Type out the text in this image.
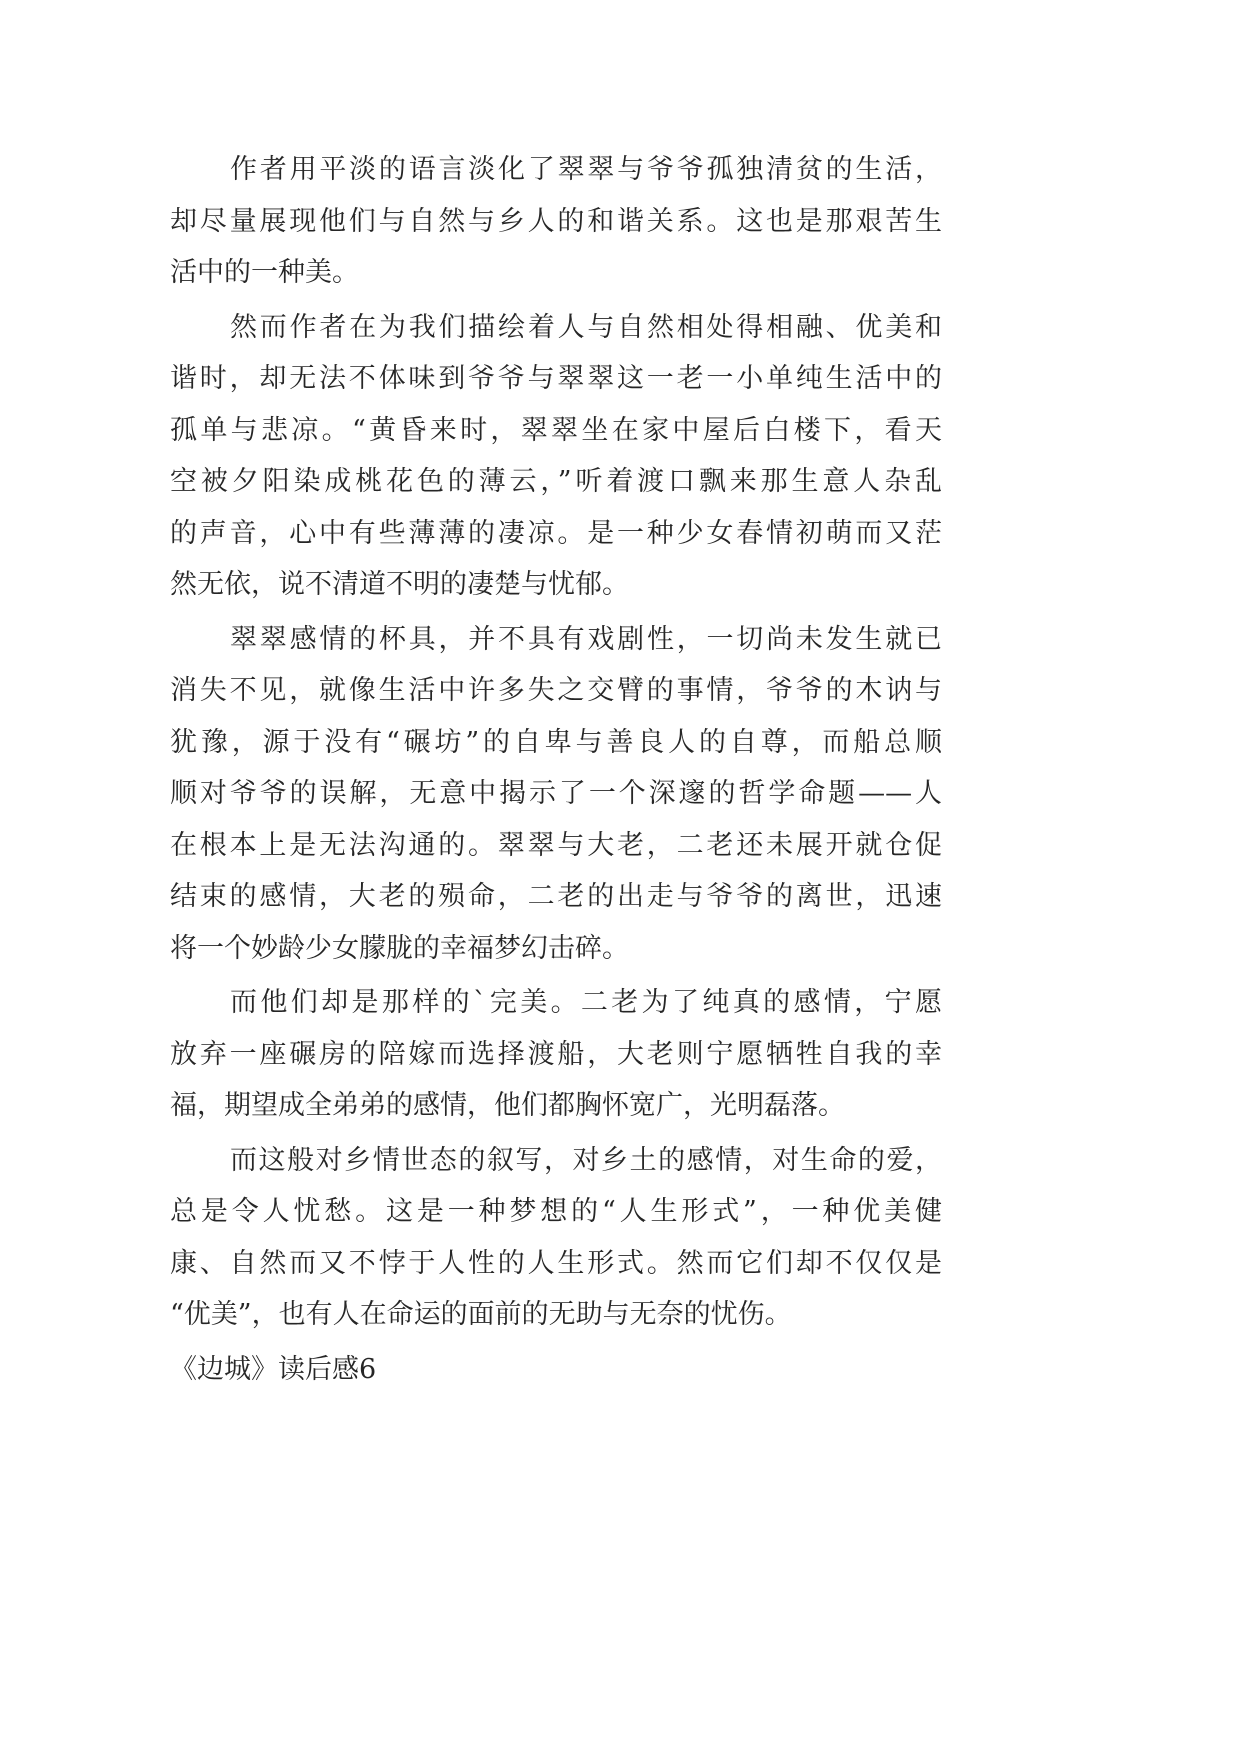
作者用平淡的语言淡化了翠翠与爷爷孤独清贫的生活，
却尽量展现他们与自然与乡人的和谐关系。这也是那艰苦生
活中的一种美。
然而作者在为我们描绘着人与自然相处得相融、优美和
谐时，却无法不体味到爷爷与翠翠这一老一小单纯生活中的
孤单与悲凉。“黄昏来时，翠翠坐在家中屋后白楼下，看天
空被夕阳染成桃花色的薄云，”听着渡口飘来那生意人杂乱
的声音，心中有些薄薄的凄凉。是一种少女春情初萌而又茫
然无依，说不清道不明的凄楚与忧郁。
翠翠感情的杯具，并不具有戏剧性，一切尚未发生就已
消失不见，就像生活中许多失之交臂的事情，爷爷的木讷与
犹豫，源于没有“碾坊”的自卑与善良人的自尊，而船总顺
顺对爷爷的误解，无意中揭示了一个深邃的哲学命题——人
在根本上是无法沟通的。翠翠与大老，二老还未展开就仓促
结束的感情，大老的殒命，二老的出走与爷爷的离世，迅速
将一个妙龄少女朦胧的幸福梦幻击碎。
而他们却是那样的`完美。二老为了纯真的感情，宁愿
放弃一座碾房的陪嫁而选择渡船，大老则宁愿牺牲自我的幸
福，期望成全弟弟的感情，他们都胸怀宽广，光明磊落。
而这般对乡情世态的叙写，对乡土的感情，对生命的爱，
总是令人忧愁。这是一种梦想的“人生形式”，一种优美健
康、自然而又不悖于人性的人生形式。然而它们却不仅仅是
“优美”，也有人在命运的面前的无助与无奈的忧伤。
《边城》读后感6
